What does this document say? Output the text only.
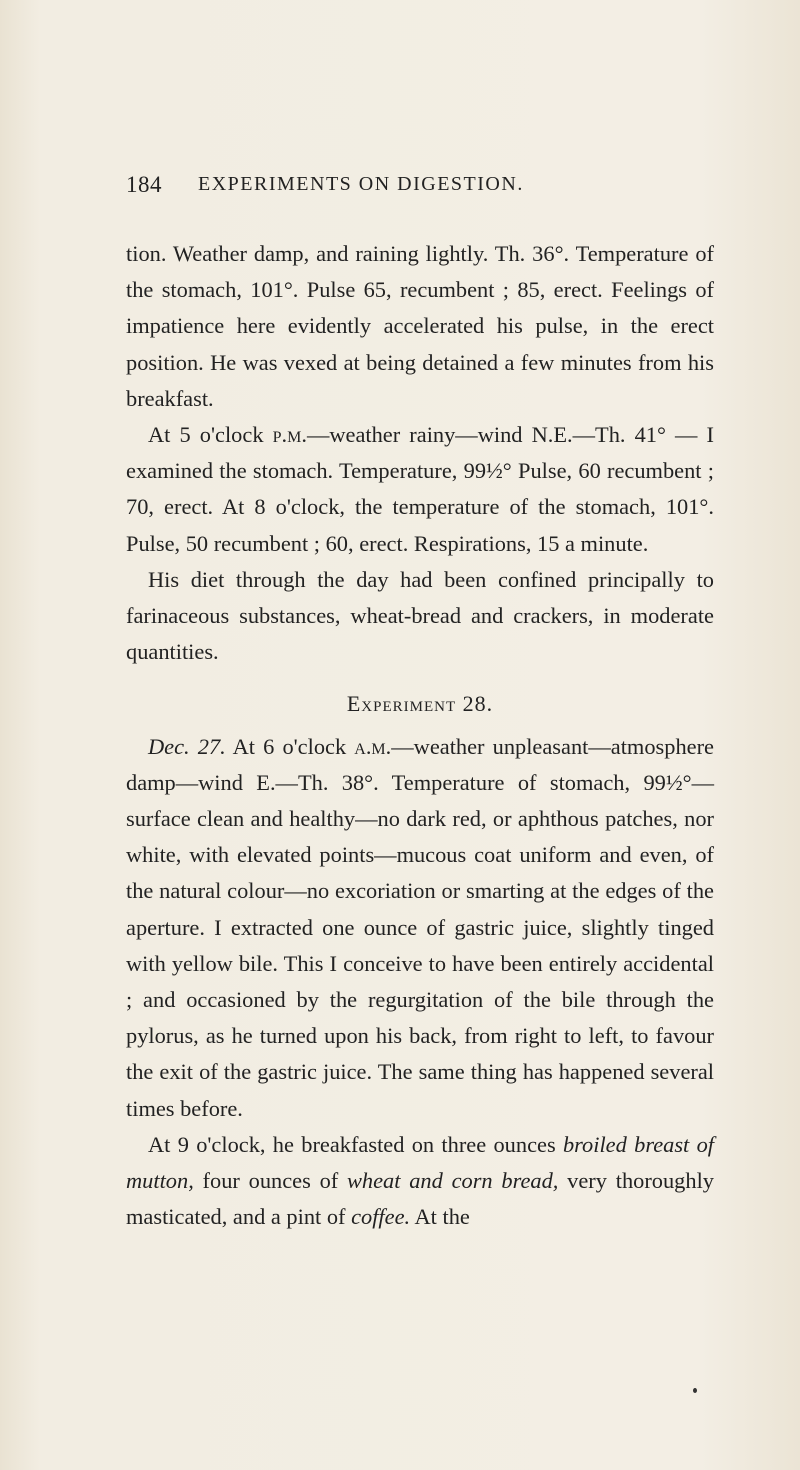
184 EXPERIMENTS ON DIGESTION.

tion. Weather damp, and raining lightly. Th. 36°. Temperature of the stomach, 101°. Pulse 65, recumbent ; 85, erect. Feelings of impatience here evidently accelerated his pulse, in the erect position. He was vexed at being detained a few minutes from his breakfast.

At 5 o'clock p.m.—weather rainy—wind N.E.—Th. 41° — I examined the stomach. Temperature, 99½° Pulse, 60 recumbent ; 70, erect. At 8 o'clock, the temperature of the stomach, 101°. Pulse, 50 recumbent ; 60, erect. Respirations, 15 a minute.

His diet through the day had been confined principally to farinaceous substances, wheat-bread and crackers, in moderate quantities.

Experiment 28.

Dec. 27. At 6 o'clock a.m.—weather unpleasant—atmosphere damp—wind E.—Th. 38°. Temperature of stomach, 99½°—surface clean and healthy—no dark red, or aphthous patches, nor white, with elevated points—mucous coat uniform and even, of the natural colour—no excoriation or smarting at the edges of the aperture. I extracted one ounce of gastric juice, slightly tinged with yellow bile. This I conceive to have been entirely accidental ; and occasioned by the regurgitation of the bile through the pylorus, as he turned upon his back, from right to left, to favour the exit of the gastric juice. The same thing has happened several times before.

At 9 o'clock, he breakfasted on three ounces broiled breast of mutton, four ounces of wheat and corn bread, very thoroughly masticated, and a pint of coffee. At the
